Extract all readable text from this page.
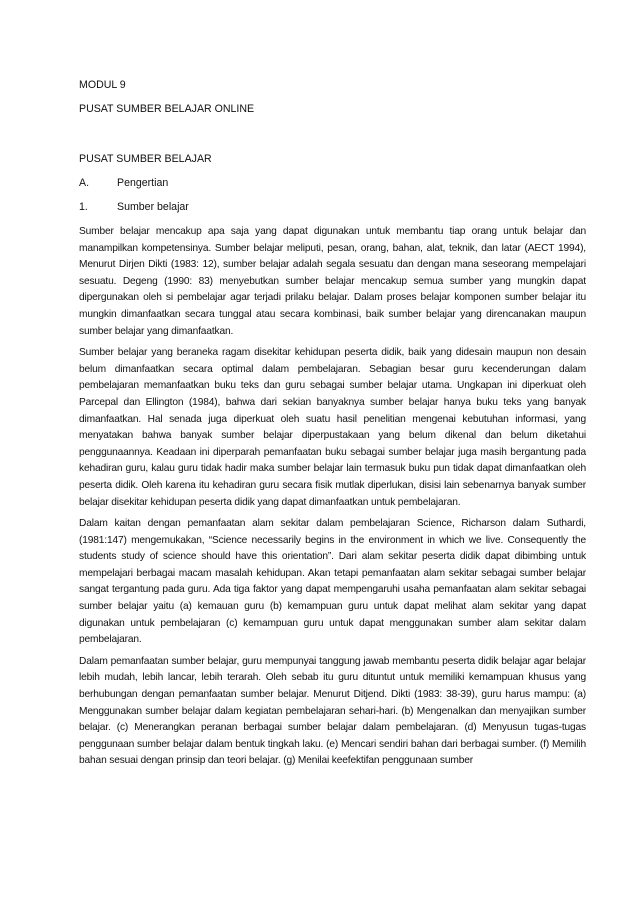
MODUL 9

PUSAT SUMBER BELAJAR ONLINE

PUSAT SUMBER BELAJAR

A.	Pengertian

1.	Sumber belajar

Sumber belajar mencakup apa saja yang dapat digunakan untuk membantu tiap orang untuk belajar dan manampilkan kompetensinya. Sumber belajar meliputi, pesan, orang, bahan, alat, teknik, dan latar (AECT 1994), Menurut Dirjen Dikti (1983: 12), sumber belajar adalah segala sesuatu dan dengan mana seseorang mempelajari sesuatu. Degeng (1990: 83) menyebutkan sumber belajar mencakup semua sumber yang mungkin dapat dipergunakan oleh si pembelajar agar terjadi prilaku belajar. Dalam proses belajar komponen sumber belajar itu mungkin dimanfaatkan secara tunggal atau secara kombinasi, baik sumber belajar yang direncanakan maupun sumber belajar yang dimanfaatkan.

Sumber belajar yang beraneka ragam disekitar kehidupan peserta didik, baik yang didesain maupun non desain belum dimanfaatkan secara optimal dalam pembelajaran. Sebagian besar guru kecenderungan dalam pembelajaran memanfaatkan buku teks dan guru sebagai sumber belajar utama. Ungkapan ini diperkuat oleh Parcepal dan Ellington (1984), bahwa dari sekian banyaknya sumber belajar hanya buku teks yang banyak dimanfaatkan. Hal senada juga diperkuat oleh suatu hasil penelitian mengenai kebutuhan informasi, yang menyatakan bahwa banyak sumber belajar diperpustakaan yang belum dikenal dan belum diketahui penggunaannya. Keadaan ini diperparah pemanfaatan buku sebagai sumber belajar juga masih bergantung pada kehadiran guru, kalau guru tidak hadir maka sumber belajar lain termasuk buku pun tidak dapat dimanfaatkan oleh peserta didik. Oleh karena itu kehadiran guru secara fisik mutlak diperlukan, disisi lain sebenarnya banyak sumber belajar disekitar kehidupan peserta didik yang dapat dimanfaatkan untuk pembelajaran.

Dalam kaitan dengan pemanfaatan alam sekitar dalam pembelajaran Science, Richarson dalam Suthardi, (1981:147) mengemukakan, “Science necessarily begins in the environment in which we live. Consequently the students study of science should have this orientation”. Dari alam sekitar peserta didik dapat dibimbing untuk mempelajari berbagai macam masalah kehidupan. Akan tetapi pemanfaatan alam sekitar sebagai sumber belajar sangat tergantung pada guru. Ada tiga faktor yang dapat mempengaruhi usaha pemanfaatan alam sekitar sebagai sumber belajar yaitu (a) kemauan guru (b) kemampuan guru untuk dapat melihat alam sekitar yang dapat digunakan untuk pembelajaran (c) kemampuan guru untuk dapat menggunakan sumber alam sekitar dalam pembelajaran.

Dalam pemanfaatan sumber belajar, guru mempunyai tanggung jawab membantu peserta didik belajar agar belajar lebih mudah, lebih lancar, lebih terarah. Oleh sebab itu guru dituntut untuk memiliki kemampuan khusus yang berhubungan dengan pemanfaatan sumber belajar. Menurut Ditjend. Dikti (1983: 38-39), guru harus mampu: (a) Menggunakan sumber belajar dalam kegiatan pembelajaran sehari-hari. (b) Mengenalkan dan menyajikan sumber belajar. (c) Menerangkan peranan berbagai sumber belajar dalam pembelajaran. (d) Menyusun tugas-tugas penggunaan sumber belajar dalam bentuk tingkah laku. (e) Mencari sendiri bahan dari berbagai sumber. (f) Memilih bahan sesuai dengan prinsip dan teori belajar. (g) Menilai keefektifan penggunaan sumber
